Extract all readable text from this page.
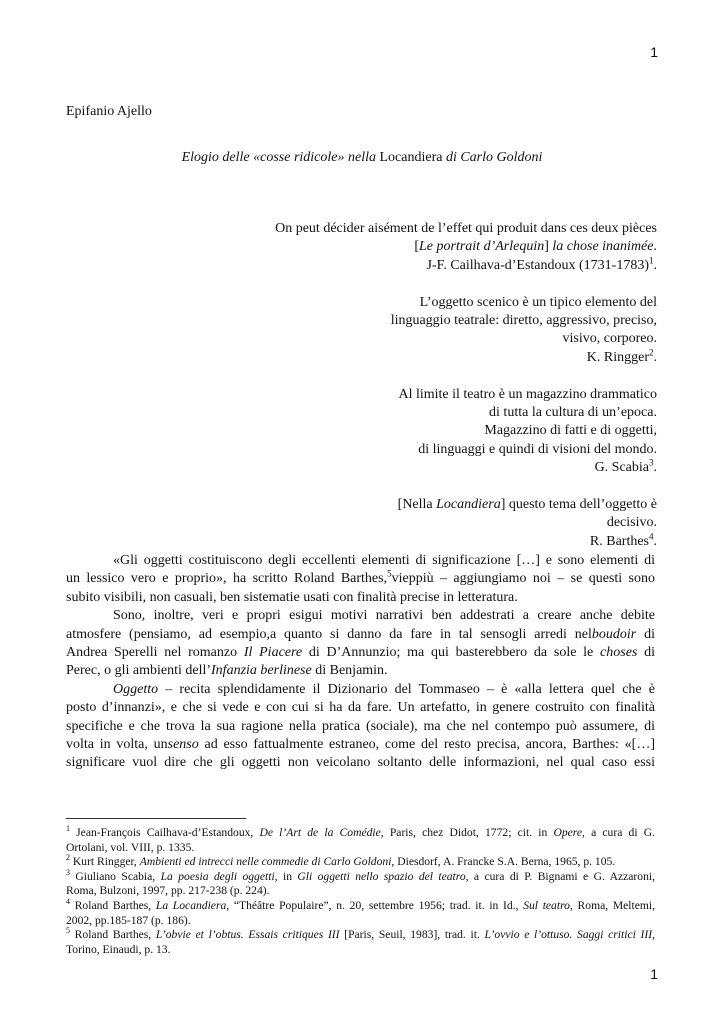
1
Epifanio Ajello
Elogio delle «cosse ridicole» nella Locandiera di Carlo Goldoni
On peut décider aisément de l’effet qui produit dans ces deux pièces
[Le portrait d’Arlequin] la chose inanimée.
J-F. Cailhava-d’Estandoux (1731-1783)$^1$.
L’oggetto scenico è un tipico elemento del
linguaggio teatrale: diretto, aggressivo, preciso,
visivo, corporeo.
K. Ringger$^2$.
Al limite il teatro è un magazzino drammatico
di tutta la cultura di un’epoca.
Magazzino di fatti e di oggetti,
di linguaggi e quindi di visioni del mondo.
G. Scabia$^3$.
[Nella Locandiera] questo tema dell’oggetto è
decisivo.
R. Barthes$^4$.
«Gli oggetti costituiscono degli eccellenti elementi di significazione […] e sono elementi di
un lessico vero e proprio», ha scritto Roland Barthes,$^5$vieppiù – aggiungiamo noi – se questi sono
subito visibili, non casuali, ben sistematie usati con finalità precise in letteratura.
Sono, inoltre, veri e propri esigui motivi narrativi ben addestrati a creare anche debite
atmosfere (pensiamo, ad esempio,a quanto si danno da fare in tal sensogli arredi nelboudoir di
Andrea Sperelli nel romanzo Il Piacere di D’Annunzio; ma qui basterebbero da sole le choses di
Perec, o gli ambienti dell’Infanzia berlinese di Benjamin.
Oggetto – recita splendidamente il Dizionario del Tommaseo – è «alla lettera quel che è
posto d’innanzi», e che si vede e con cui si ha da fare. Un artefatto, in genere costruito con finalità
specifiche e che trova la sua ragione nella pratica (sociale), ma che nel contempo può assumere, di
volta in volta, unsenso ad esso fattualmente estraneo, come del resto precisa, ancora, Barthes: «[…]
significare vuol dire che gli oggetti non veicolano soltanto delle informazioni, nel qual caso essi
$^1$ Jean-François Cailhava-d’Estandoux, De l’Art de la Comédie, Paris, chez Didot, 1772; cit. in Opere, a cura di G.
Ortolani, vol. VIII, p. 1335.
$^2$ Kurt Ringger, Ambienti ed intrecci nelle commedie di Carlo Goldoni, Diesdorf, A. Francke S.A. Berna, 1965, p. 105.
$^3$ Giuliano Scabia, La poesia degli oggetti, in Gli oggetti nello spazio del teatro, a cura di P. Bignami e G. Azzaroni,
Roma, Bulzoni, 1997, pp. 217-238 (p. 224).
$^4$ Roland Barthes, La Locandiera, “Théâtre Populaire”, n. 20, settembre 1956; trad. it. in Id., Sul teatro, Roma, Meltemi,
2002, pp.185-187 (p. 186).
$^5$ Roland Barthes, L’obvie et l’obtus. Essais critiques III [Paris, Seuil, 1983], trad. it. L’ovvio e l’ottuso. Saggi critici III,
Torino, Einaudi, p. 13.
1
